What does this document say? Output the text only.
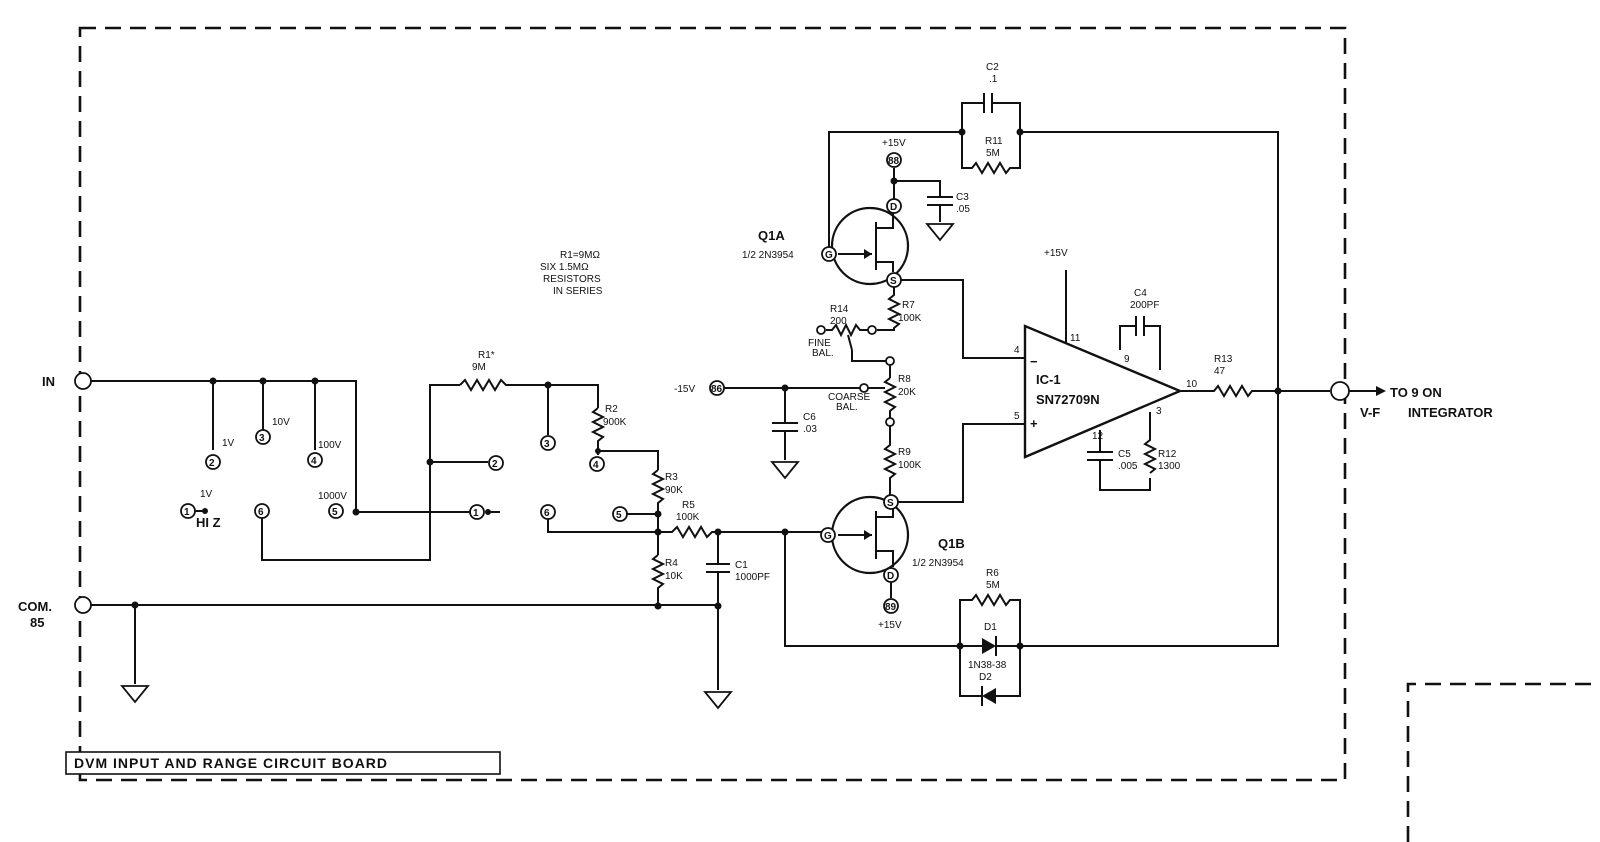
DVM INPUT AND RANGE CIRCUIT BOARD
IN
COM.
85
2
1V 3
10V
4
100V
5
1000V
1
1V
HI Z
6
2
1
R1*
9M
3
R2
900K
4
R3
90K
5
6
R4
10K
R5
100K
C1
1000PF
R1=9MΩ
SIX 1.5MΩ
RESISTORS
IN SERIES
G
D
S
Q1A
1/2 2N3954
88
+15V
C3
.05
C2
.1
R11
5M
R7
100K
R14
200
FINE
BAL.
R8
20K
COARSE
BAL.
-15V 86
C6
.03
R9
100K
G
S
D
Q1B
1/2 2N3954
89
+15V
R6
5M
D1
1N38-38
D2
IC-1
SN72709N
−
+
4
5
11
9
12
3
10
+15V
C4
200PF
C5
.005
R12
1300
R13
47
TO 9 ON
V-F INTEGRATOR
